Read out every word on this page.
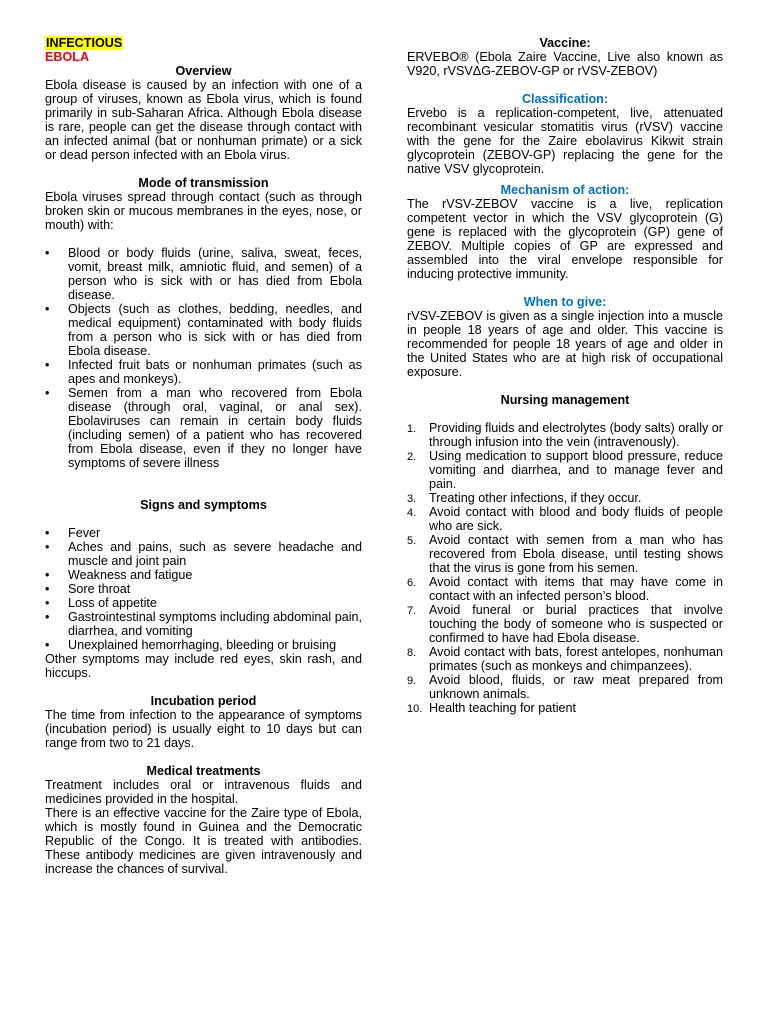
INFECTIOUS
EBOLA
Overview

Ebola disease is caused by an infection with one of a group of viruses, known as Ebola virus, which is found primarily in sub-Saharan Africa. Although Ebola disease is rare, people can get the disease through contact with an infected animal (bat or nonhuman primate) or a sick or dead person infected with an Ebola virus.

Mode of transmission

Ebola viruses spread through contact (such as through broken skin or mucous membranes in the eyes, nose, or mouth) with:

• Blood or body fluids (urine, saliva, sweat, feces, vomit, breast milk, amniotic fluid, and semen) of a person who is sick with or has died from Ebola disease.
• Objects (such as clothes, bedding, needles, and medical equipment) contaminated with body fluids from a person who is sick with or has died from Ebola disease.
• Infected fruit bats or nonhuman primates (such as apes and monkeys).
• Semen from a man who recovered from Ebola disease (through oral, vaginal, or anal sex). Ebolaviruses can remain in certain body fluids (including semen) of a patient who has recovered from Ebola disease, even if they no longer have symptoms of severe illness
Signs and symptoms
• Fever
• Aches and pains, such as severe headache and muscle and joint pain
• Weakness and fatigue
• Sore throat
• Loss of appetite
• Gastrointestinal symptoms including abdominal pain, diarrhea, and vomiting
• Unexplained hemorrhaging, bleeding or bruising

Other symptoms may include red eyes, skin rash, and hiccups.

Incubation period

The time from infection to the appearance of symptoms (incubation period) is usually eight to 10 days but can range from two to 21 days.

Medical treatments

Treatment includes oral or intravenous fluids and medicines provided in the hospital.

There is an effective vaccine for the Zaire type of Ebola, which is mostly found in Guinea and the Democratic Republic of the Congo. It is treated with antibodies. These antibody medicines are given intravenously and increase the chances of survival.

Vaccine:

ERVEBO® (Ebola Zaire Vaccine, Live also known as V920, rVSVΔG-ZEBOV-GP or rVSV-ZEBOV)

Classification:

Ervebo is a replication-competent, live, attenuated recombinant vesicular stomatitis virus (rVSV) vaccine with the gene for the Zaire ebolavirus Kikwit strain glycoprotein (ZEBOV-GP) replacing the gene for the native VSV glycoprotein.

Mechanism of action:

The rVSV-ZEBOV vaccine is a live, replication competent vector in which the VSV glycoprotein (G) gene is replaced with the glycoprotein (GP) gene of ZEBOV. Multiple copies of GP are expressed and assembled into the viral envelope responsible for inducing protective immunity.

When to give:

rVSV-ZEBOV is given as a single injection into a muscle in people 18 years of age and older. This vaccine is recommended for people 18 years of age and older in the United States who are at high risk of occupational exposure.

Nursing management
1. Providing fluids and electrolytes (body salts) orally or through infusion into the vein (intravenously).
2. Using medication to support blood pressure, reduce vomiting and diarrhea, and to manage fever and pain.
3. Treating other infections, if they occur.
4. Avoid contact with blood and body fluids of people who are sick.
5. Avoid contact with semen from a man who has recovered from Ebola disease, until testing shows that the virus is gone from his semen.
6. Avoid contact with items that may have come in contact with an infected person’s blood.
7. Avoid funeral or burial practices that involve touching the body of someone who is suspected or confirmed to have had Ebola disease.
8. Avoid contact with bats, forest antelopes, nonhuman primates (such as monkeys and chimpanzees).
9. Avoid blood, fluids, or raw meat prepared from unknown animals.
10. Health teaching for patient
